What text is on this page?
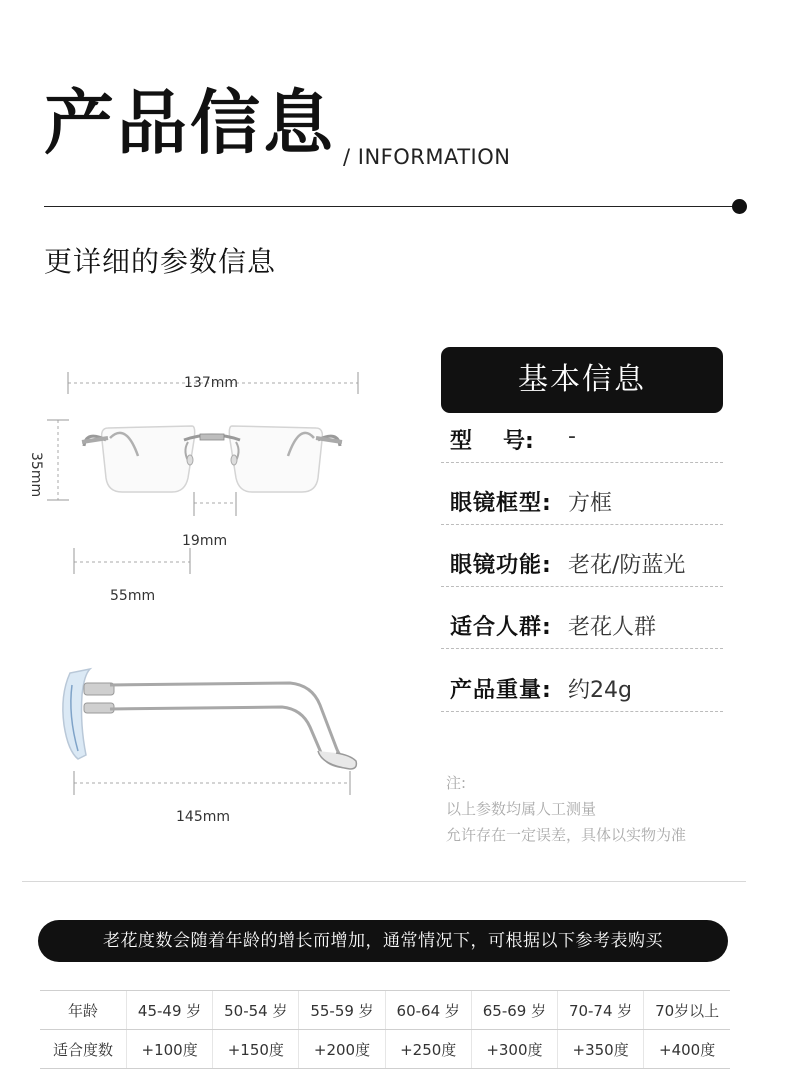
产品信息 / INFORMATION
更详细的参数信息
137mm
35mm
19mm
55mm
145mm
基本信息
型 号: -
眼镜框型: 方框
眼镜功能: 老花/防蓝光
适合人群: 老花人群
产品重量: 约24g
注:
以上参数均属人工测量
允许存在一定误差，具体以实物为准
老花度数会随着年龄的增长而增加，通常情况下，可根据以下参考表购买
年龄	45-49 岁	50-54 岁	55-59 岁	60-64 岁	65-69 岁	70-74 岁	70岁以上
适合度数	+100度	+150度	+200度	+250度	+300度	+350度	+400度
